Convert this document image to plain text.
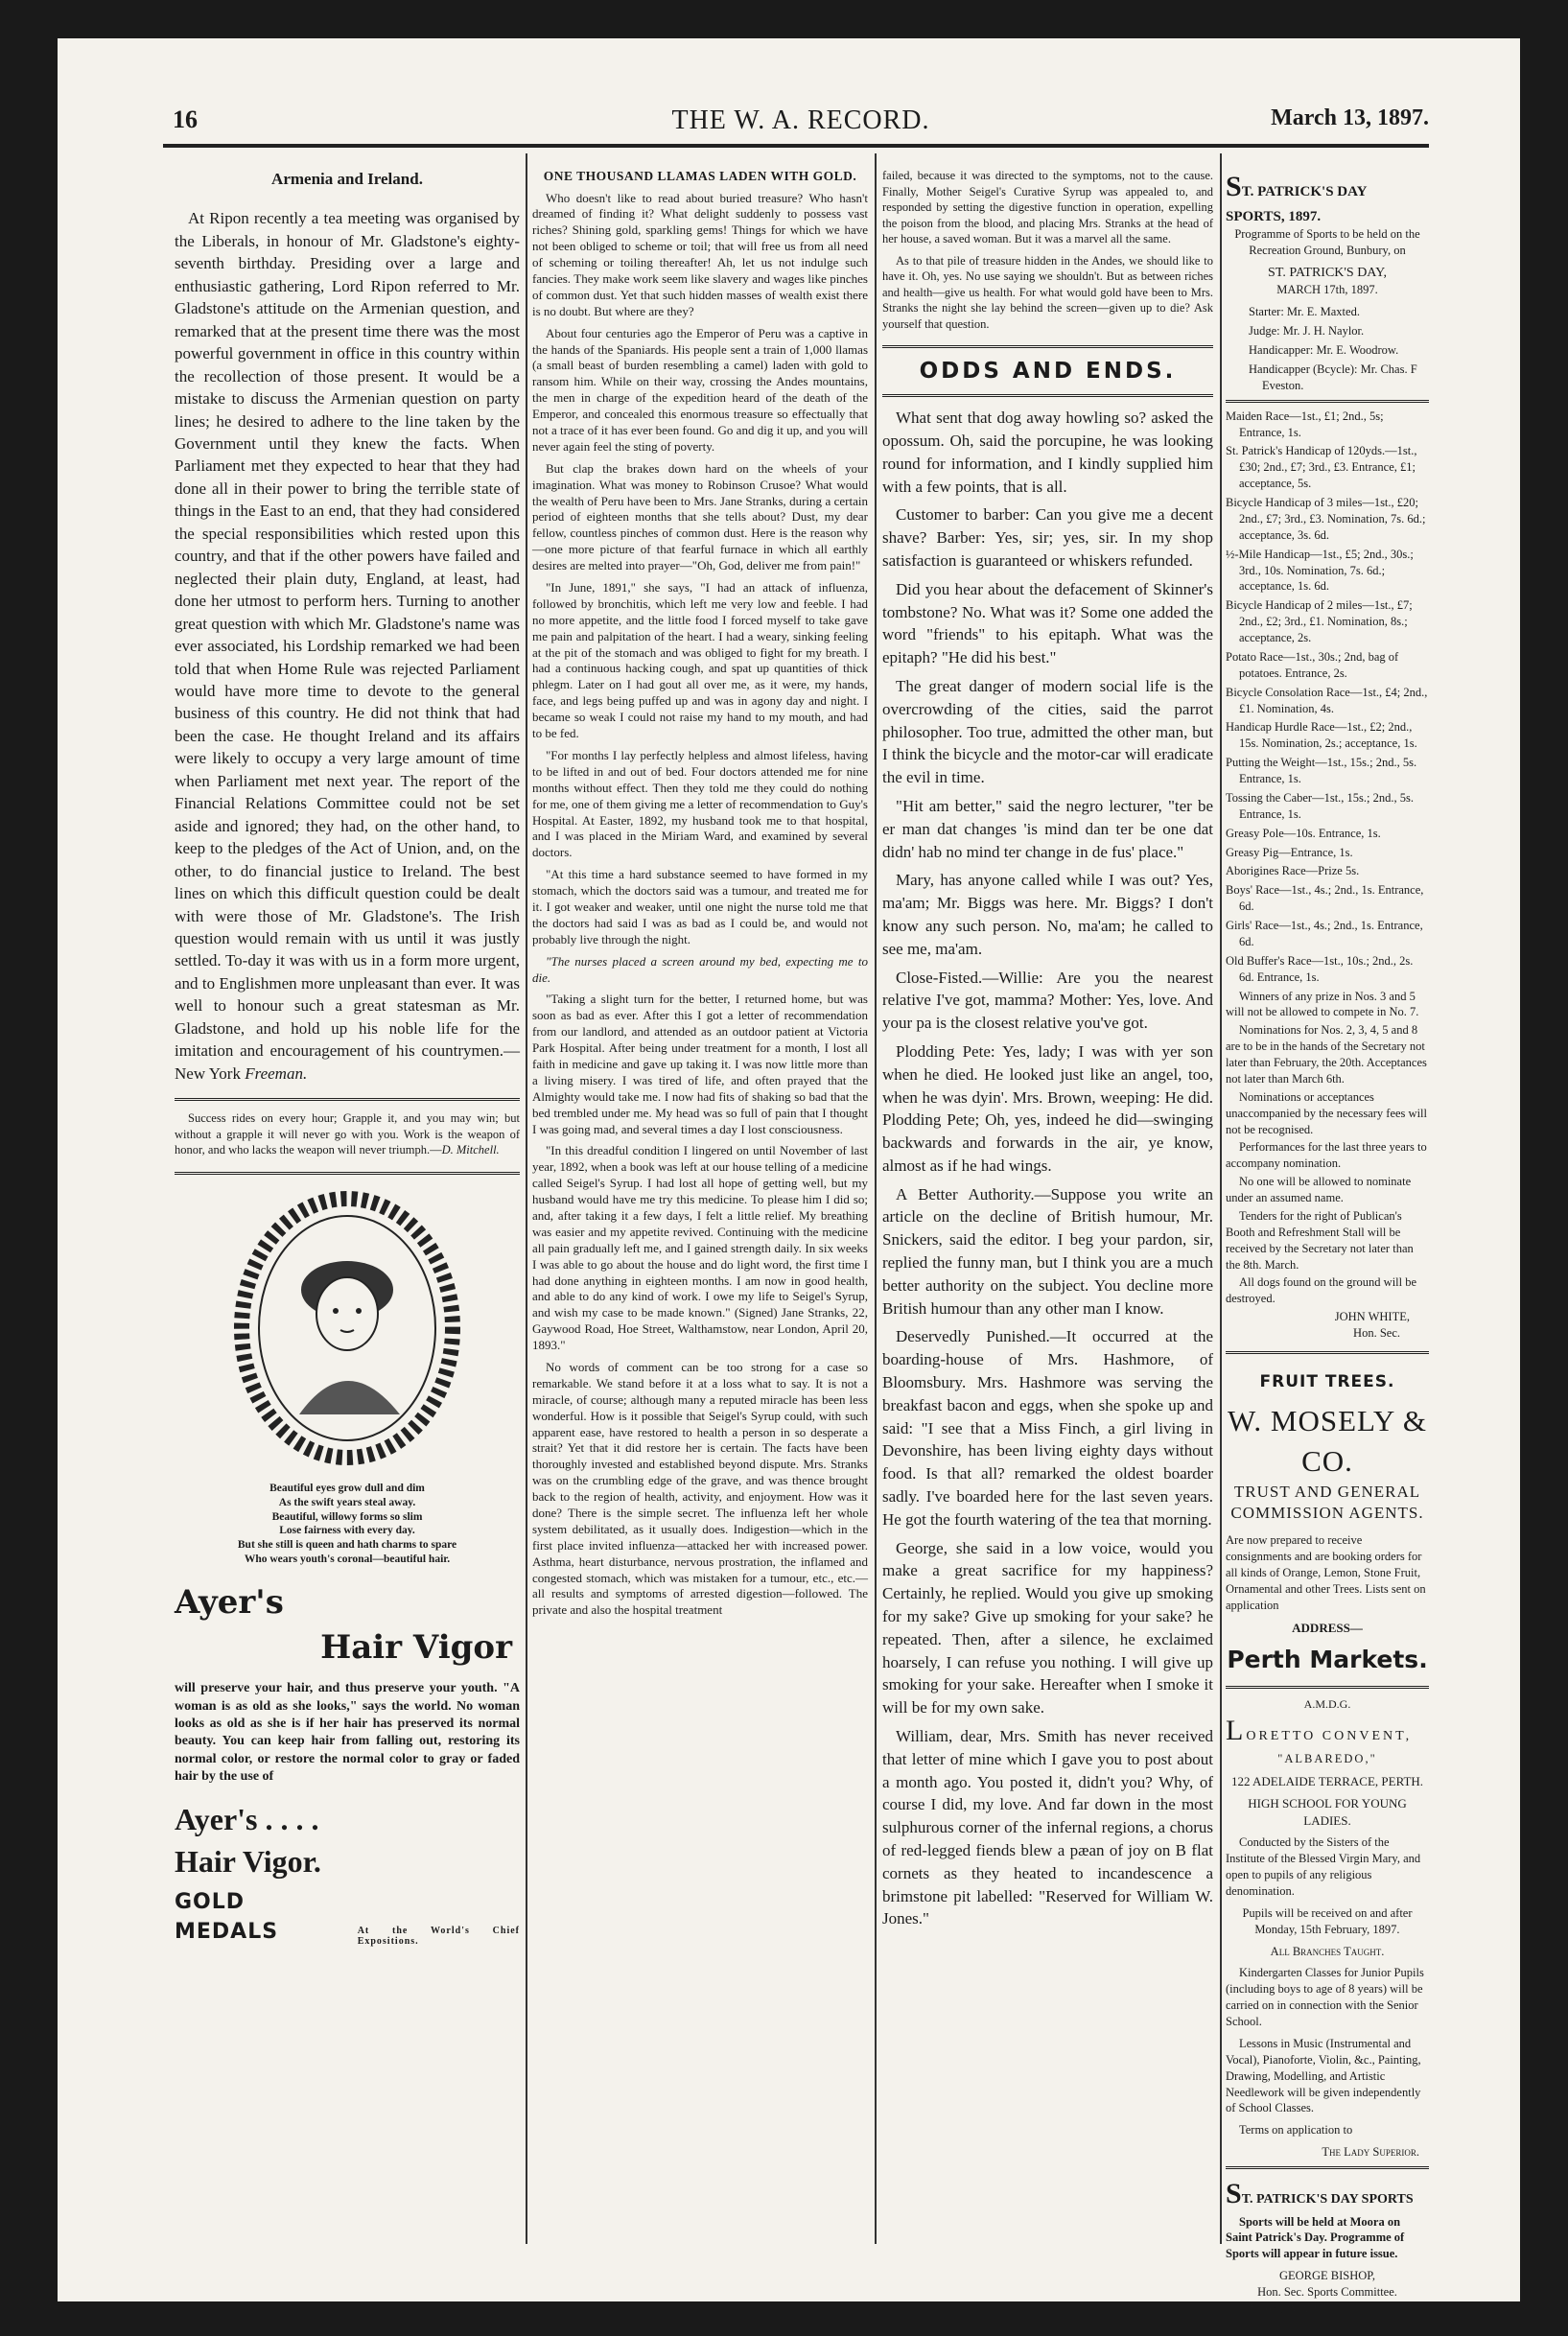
16	THE W. A. RECORD.	March 13, 1897.

Armenia and Ireland.

At Ripon recently a tea meeting was organised by the Liberals, in honour of Mr. Gladstone's eighty-seventh birthday. Presiding over a large and enthusiastic gathering, Lord Ripon referred to Mr. Gladstone's attitude on the Armenian question, and remarked that at the present time there was the most powerful government in office in this country within the recollection of those present. It would be a mistake to discuss the Armenian question on party lines; he desired to adhere to the line taken by the Government until they knew the facts. When Parliament met they expected to hear that they had done all in their power to bring the terrible state of things in the East to an end, that they had considered the special responsibilities which rested upon this country, and that if the other powers have failed and neglected their plain duty, England, at least, had done her utmost to perform hers. Turning to another great question with which Mr. Gladstone's name was ever associated, his Lordship remarked we had been told that when Home Rule was rejected Parliament would have more time to devote to the general business of this country. He did not think that had been the case. He thought Ireland and its affairs were likely to occupy a very large amount of time when Parliament met next year. The report of the Financial Relations Committee could not be set aside and ignored; they had, on the other hand, to keep to the pledges of the Act of Union, and, on the other, to do financial justice to Ireland. The best lines on which this difficult question could be dealt with were those of Mr. Gladstone's. The Irish question would remain with us until it was justly settled. To-day it was with us in a form more urgent, and to Englishmen more unpleasant than ever. It was well to honour such a great statesman as Mr. Gladstone, and hold up his noble life for the imitation and encouragement of his countrymen.—New York Freeman.

Success rides on every hour; Grapple it, and you may win; but without a grapple it will never go with you. Work is the weapon of honor, and who lacks the weapon will never triumph.—D. Mitchell.

Beautiful eyes grow dull and dim
As the swift years steal away.
Beautiful, willowy forms so slim
Lose fairness with every day.
But she still is queen and hath charms to spare
Who wears youth's coronal—beautiful hair.
Ayer's
Hair Vigor

will preserve your hair, and thus preserve your youth. "A woman is as old as she looks," says the world. No woman looks as old as she is if her hair has preserved its normal beauty. You can keep hair from falling out, restoring its normal color, or restore the normal color to gray or faded hair by the use of

Ayer's . . . .
Hair Vigor.
GOLD MEDALS	At the World's Chief Expositions.

ONE THOUSAND LLAMAS LADEN WITH GOLD.

Who doesn't like to read about buried treasure? Who hasn't dreamed of finding it? What delight suddenly to possess vast riches? Shining gold, sparkling gems! Things for which we have not been obliged to scheme or toil; that will free us from all need of scheming or toiling thereafter! Ah, let us not indulge such fancies. They make work seem like slavery and wages like pinches of common dust. Yet that such hidden masses of wealth exist there is no doubt. But where are they?

About four centuries ago the Emperor of Peru was a captive in the hands of the Spaniards. His people sent a train of 1,000 llamas (a small beast of burden resembling a camel) laden with gold to ransom him. While on their way, crossing the Andes mountains, the men in charge of the expedition heard of the death of the Emperor, and concealed this enormous treasure so effectually that not a trace of it has ever been found. Go and dig it up, and you will never again feel the sting of poverty.

But clap the brakes down hard on the wheels of your imagination. What was money to Robinson Crusoe? What would the wealth of Peru have been to Mrs. Jane Stranks, during a certain period of eighteen months that she tells about? Dust, my dear fellow, countless pinches of common dust. Here is the reason why—one more picture of that fearful furnace in which all earthly desires are melted into prayer—"Oh, God, deliver me from pain!"

"In June, 1891," she says, "I had an attack of influenza, followed by bronchitis, which left me very low and feeble. I had no more appetite, and the little food I forced myself to take gave me pain and palpitation of the heart. I had a weary, sinking feeling at the pit of the stomach and was obliged to fight for my breath. I had a continuous hacking cough, and spat up quantities of thick phlegm. Later on I had gout all over me, as it were, my hands, face, and legs being puffed up and was in agony day and night. I became so weak I could not raise my hand to my mouth, and had to be fed.

"For months I lay perfectly helpless and almost lifeless, having to be lifted in and out of bed. Four doctors attended me for nine months without effect. Then they told me they could do nothing for me, one of them giving me a letter of recommendation to Guy's Hospital. At Easter, 1892, my husband took me to that hospital, and I was placed in the Miriam Ward, and examined by several doctors.

"At this time a hard substance seemed to have formed in my stomach, which the doctors said was a tumour, and treated me for it. I got weaker and weaker, until one night the nurse told me that the doctors had said I was as bad as I could be, and would not probably live through the night.

"The nurses placed a screen around my bed, expecting me to die.

"Taking a slight turn for the better, I returned home, but was soon as bad as ever. After this I got a letter of recommendation from our landlord, and attended as an outdoor patient at Victoria Park Hospital. After being under treatment for a month, I lost all faith in medicine and gave up taking it. I was now little more than a living misery. I was tired of life, and often prayed that the Almighty would take me. I now had fits of shaking so bad that the bed trembled under me. My head was so full of pain that I thought I was going mad, and several times a day I lost consciousness.

"In this dreadful condition I lingered on until November of last year, 1892, when a book was left at our house telling of a medicine called Seigel's Syrup. I had lost all hope of getting well, but my husband would have me try this medicine. To please him I did so; and, after taking it a few days, I felt a little relief. My breathing was easier and my appetite revived. Continuing with the medicine all pain gradually left me, and I gained strength daily. In six weeks I was able to go about the house and do light word, the first time I had done anything in eighteen months. I am now in good health, and able to do any kind of work. I owe my life to Seigel's Syrup, and wish my case to be made known." (Signed) Jane Stranks, 22, Gaywood Road, Hoe Street, Walthamstow, near London, April 20, 1893."

No words of comment can be too strong for a case so remarkable. We stand before it at a loss what to say. It is not a miracle, of course; although many a reputed miracle has been less wonderful. How is it possible that Seigel's Syrup could, with such apparent ease, have restored to health a person in so desperate a strait? Yet that it did restore her is certain. The facts have been thoroughly invested and established beyond dispute. Mrs. Stranks was on the crumbling edge of the grave, and was thence brought back to the region of health, activity, and enjoyment. How was it done? There is the simple secret. The influenza left her whole system debilitated, as it usually does. Indigestion—which in the first place invited influenza—attacked her with increased power. Asthma, heart disturbance, nervous prostration, the inflamed and congested stomach, which was mistaken for a tumour, etc., etc.—all results and symptoms of arrested digestion—followed. The private and also the hospital treatment

failed, because it was directed to the symptoms, not to the cause. Finally, Mother Seigel's Curative Syrup was appealed to, and responded by setting the digestive function in operation, expelling the poison from the blood, and placing Mrs. Stranks at the head of her house, a saved woman. But it was a marvel all the same.

As to that pile of treasure hidden in the Andes, we should like to have it. Oh, yes. No use saying we shouldn't. But as between riches and health—give us health. For what would gold have been to Mrs. Stranks the night she lay behind the screen—given up to die? Ask yourself that question.

ODDS AND ENDS.

What sent that dog away howling so? asked the opossum. Oh, said the porcupine, he was looking round for information, and I kindly supplied him with a few points, that is all.

Customer to barber: Can you give me a decent shave? Barber: Yes, sir; yes, sir. In my shop satisfaction is guaranteed or whiskers refunded.

Did you hear about the defacement of Skinner's tombstone? No. What was it? Some one added the word "friends" to his epitaph. What was the epitaph? "He did his best."

The great danger of modern social life is the overcrowding of the cities, said the parrot philosopher. Too true, admitted the other man, but I think the bicycle and the motor-car will eradicate the evil in time.

"Hit am better," said the negro lecturer, "ter be er man dat changes 'is mind dan ter be one dat didn' hab no mind ter change in de fus' place."

Mary, has anyone called while I was out? Yes, ma'am; Mr. Biggs was here. Mr. Biggs? I don't know any such person. No, ma'am; he called to see me, ma'am.

Close-Fisted.—Willie: Are you the nearest relative I've got, mamma? Mother: Yes, love. And your pa is the closest relative you've got.

Plodding Pete: Yes, lady; I was with yer son when he died. He looked just like an angel, too, when he was dyin'. Mrs. Brown, weeping: He did. Plodding Pete; Oh, yes, indeed he did—swinging backwards and forwards in the air, ye know, almost as if he had wings.

A Better Authority.—Suppose you write an article on the decline of British humour, Mr. Snickers, said the editor. I beg your pardon, sir, replied the funny man, but I think you are a much better authority on the subject. You decline more British humour than any other man I know.

Deservedly Punished.—It occurred at the boarding-house of Mrs. Hashmore, of Bloomsbury. Mrs. Hashmore was serving the breakfast bacon and eggs, when she spoke up and said: "I see that a Miss Finch, a girl living in Devonshire, has been living eighty days without food. Is that all? remarked the oldest boarder sadly. I've boarded here for the last seven years. He got the fourth watering of the tea that morning.

George, she said in a low voice, would you make a great sacrifice for my happiness? Certainly, he replied. Would you give up smoking for my sake? Give up smoking for your sake? he repeated. Then, after a silence, he exclaimed hoarsely, I can refuse you nothing. I will give up smoking for your sake. Hereafter when I smoke it will be for my own sake.

William, dear, Mrs. Smith has never received that letter of mine which I gave you to post about a month ago. You posted it, didn't you? Why, of course I did, my love. And far down in the most sulphurous corner of the infernal regions, a chorus of red-legged fiends blew a pæan of joy on B flat cornets as they heated to incandescence a brimstone pit labelled: "Reserved for William W. Jones."

ST. PATRICK'S DAY SPORTS, 1897.

Programme of Sports to be held on the Recreation Ground, Bunbury, on

ST. PATRICK'S DAY,

MARCH 17th, 1897.

Starter: Mr. E. Maxted.

Judge: Mr. J. H. Naylor.

Handicapper: Mr. E. Woodrow.

Handicapper (Bcycle): Mr. Chas. F Eveston.

Maiden Race—1st., £1; 2nd., 5s; Entrance, 1s.

St. Patrick's Handicap of 120yds.—1st., £30; 2nd., £7; 3rd., £3. Entrance, £1; acceptance, 5s.

Bicycle Handicap of 3 miles—1st., £20; 2nd., £7; 3rd., £3. Nomination, 7s. 6d.; acceptance, 3s. 6d.

½-Mile Handicap—1st., £5; 2nd., 30s.; 3rd., 10s. Nomination, 7s. 6d.; acceptance, 1s. 6d.

Bicycle Handicap of 2 miles—1st., £7; 2nd., £2; 3rd., £1. Nomination, 8s.; acceptance, 2s.

Potato Race—1st., 30s.; 2nd, bag of potatoes. Entrance, 2s.

Bicycle Consolation Race—1st., £4; 2nd., £1. Nomination, 4s.

Handicap Hurdle Race—1st., £2; 2nd., 15s. Nomination, 2s.; acceptance, 1s.

Putting the Weight—1st., 15s.; 2nd., 5s. Entrance, 1s.

Tossing the Caber—1st., 15s.; 2nd., 5s. Entrance, 1s.

Greasy Pole—10s. Entrance, 1s.

Greasy Pig—Entrance, 1s.

Aborigines Race—Prize 5s.

Boys' Race—1st., 4s.; 2nd., 1s. Entrance, 6d.

Girls' Race—1st., 4s.; 2nd., 1s. Entrance, 6d.

Old Buffer's Race—1st., 10s.; 2nd., 2s. 6d. Entrance, 1s.

Winners of any prize in Nos. 3 and 5 will not be allowed to compete in No. 7.

Nominations for Nos. 2, 3, 4, 5 and 8 are to be in the hands of the Secretary not later than February, the 20th. Acceptances not later than March 6th.

Nominations or acceptances unaccompanied by the necessary fees will not be recognised.

Performances for the last three years to accompany nomination.

No one will be allowed to nominate under an assumed name.

Tenders for the right of Publican's Booth and Refreshment Stall will be received by the Secretary not later than the 8th. March.

All dogs found on the ground will be destroyed.

JOHN WHITE,

Hon. Sec.

FRUIT TREES.
W. MOSELY & CO.
TRUST AND GENERAL
COMMISSION AGENTS.

Are now prepared to receive consignments and are booking orders for all kinds of Orange, Lemon, Stone Fruit, Ornamental and other Trees. Lists sent on application

ADDRESS—

Perth Markets.

A.M.D.G.

LORETTO CONVENT,

"ALBAREDO,"

122 ADELAIDE TERRACE, PERTH.

HIGH SCHOOL FOR YOUNG LADIES.

Conducted by the Sisters of the Institute of the Blessed Virgin Mary, and open to pupils of any religious denomination.

Pupils will be received on and after Monday, 15th February, 1897.

All Branches Taught.

Kindergarten Classes for Junior Pupils (including boys to age of 8 years) will be carried on in connection with the Senior School.

Lessons in Music (Instrumental and Vocal), Pianoforte, Violin, &c., Painting, Drawing, Modelling, and Artistic Needlework will be given independently of School Classes.

Terms on application to

The Lady Superior.

ST. PATRICK'S DAY SPORTS

Sports will be held at Moora on Saint Patrick's Day. Programme of Sports will appear in future issue.

GEORGE BISHOP,

Hon. Sec. Sports Committee.

Moora, W.A.
